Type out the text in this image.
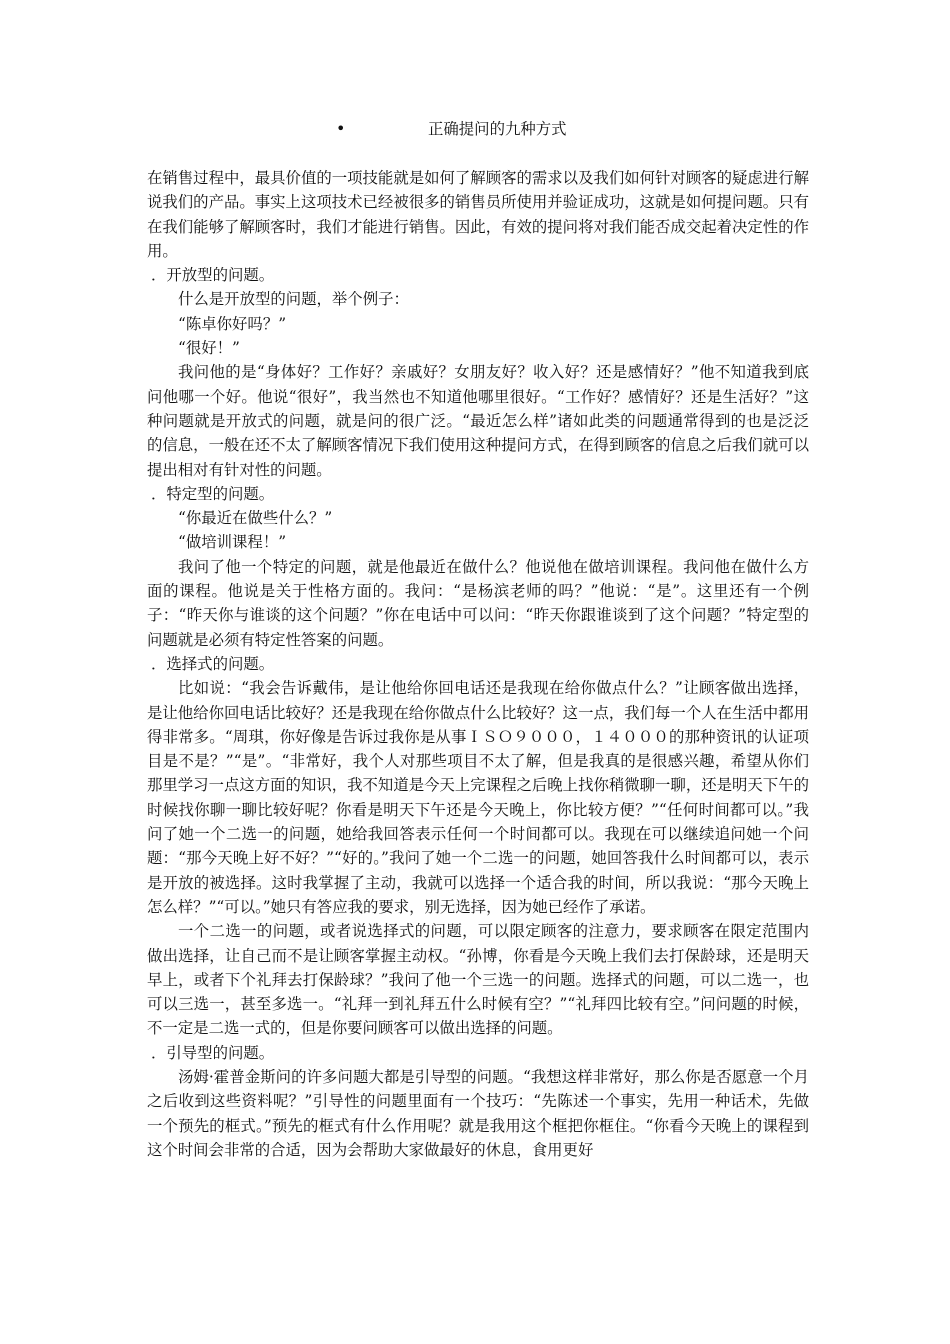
•	正确提问的九种方式

在销售过程中，最具价值的一项技能就是如何了解顾客的需求以及我们如何针对顾客的疑虑进行解说我们的产品。事实上这项技术已经被很多的销售员所使用并验证成功，这就是如何提问题。只有在我们能够了解顾客时，我们才能进行销售。因此，有效的提问将对我们能否成交起着决定性的作用。

．开放型的问题。

什么是开放型的问题，举个例子：

“陈卓你好吗？”

“很好！”

我问他的是“身体好？工作好？亲戚好？女朋友好？收入好？还是感情好？”他不知道我到底问他哪一个好。他说“很好”，我当然也不知道他哪里很好。“工作好？感情好？还是生活好？”这种问题就是开放式的问题，就是问的很广泛。“最近怎么样”诸如此类的问题通常得到的也是泛泛的信息，一般在还不太了解顾客情况下我们使用这种提问方式，在得到顾客的信息之后我们就可以提出相对有针对性的问题。

．特定型的问题。

“你最近在做些什么？”

“做培训课程！”

我问了他一个特定的问题，就是他最近在做什么？他说他在做培训课程。我问他在做什么方面的课程。他说是关于性格方面的。我问：“是杨滨老师的吗？”他说：“是”。这里还有一个例子：“昨天你与谁谈的这个问题？”你在电话中可以问：“昨天你跟谁谈到了这个问题？”特定型的问题就是必须有特定性答案的问题。

．选择式的问题。

比如说：“我会告诉戴伟，是让他给你回电话还是我现在给你做点什么？”让顾客做出选择，是让他给你回电话比较好？还是我现在给你做点什么比较好？这一点，我们每一个人在生活中都用得非常多。“周琪，你好像是告诉过我你是从事ＩＳＯ９０００，１４０００的那种资讯的认证项目是不是？”“是”。“非常好，我个人对那些项目不太了解，但是我真的是很感兴趣，希望从你们那里学习一点这方面的知识，我不知道是今天上完课程之后晚上找你稍微聊一聊，还是明天下午的时候找你聊一聊比较好呢？你看是明天下午还是今天晚上，你比较方便？”“任何时间都可以。”我问了她一个二选一的问题，她给我回答表示任何一个时间都可以。我现在可以继续追问她一个问题：“那今天晚上好不好？”“好的。”我问了她一个二选一的问题，她回答我什么时间都可以，表示是开放的被选择。这时我掌握了主动，我就可以选择一个适合我的时间，所以我说：“那今天晚上怎么样？”“可以。”她只有答应我的要求，别无选择，因为她已经作了承诺。

一个二选一的问题，或者说选择式的问题，可以限定顾客的注意力，要求顾客在限定范围内做出选择，让自己而不是让顾客掌握主动权。“孙博，你看是今天晚上我们去打保龄球，还是明天早上，或者下个礼拜去打保龄球？”我问了他一个三选一的问题。选择式的问题，可以二选一，也可以三选一，甚至多选一。“礼拜一到礼拜五什么时候有空？”“礼拜四比较有空。”问问题的时候，不一定是二选一式的，但是你要问顾客可以做出选择的问题。

．引导型的问题。

汤姆·霍普金斯问的许多问题大都是引导型的问题。“我想这样非常好，那么你是否愿意一个月之后收到这些资料呢？”引导性的问题里面有一个技巧：“先陈述一个事实，先用一种话术，先做一个预先的框式。”预先的框式有什么作用呢？就是我用这个框把你框住。“你看今天晚上的课程到这个时间会非常的合适，因为会帮助大家做最好的休息，食用更好
